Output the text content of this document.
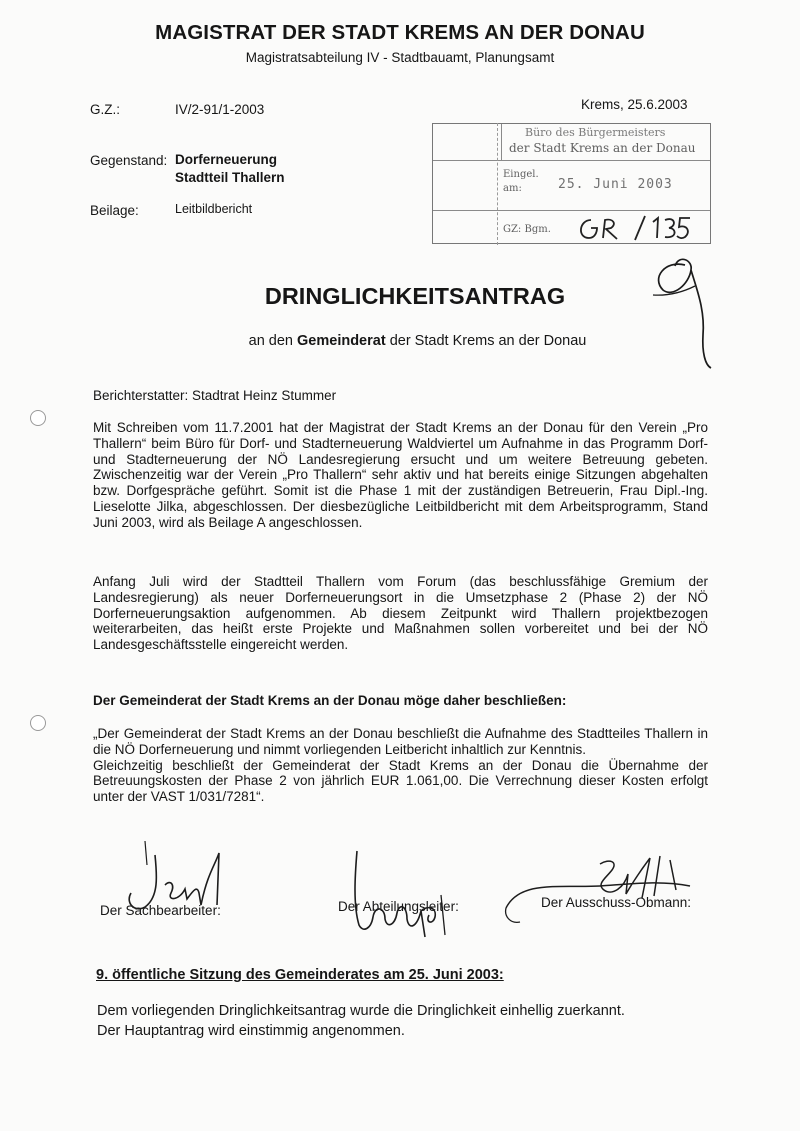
MAGISTRAT DER STADT KREMS AN DER DONAU
Magistratsabteilung IV - Stadtbauamt, Planungsamt
G.Z.:	IV/2-91/1-2003	Krems, 25.6.2003
Gegenstand: Dorferneuerung
Stadtteil Thallern
Beilage:	Leitbildbericht
Büro des Bürgermeisters
der Stadt Krems an der Donau
Eingel. am:	25. Juni 2003
GZ: Bgm.
DRINGLICHKEITSANTRAG
an den Gemeinderat der Stadt Krems an der Donau
Berichterstatter: Stadtrat Heinz Stummer

Mit Schreiben vom 11.7.2001 hat der Magistrat der Stadt Krems an der Donau für den Verein „Pro Thallern“ beim Büro für Dorf- und Stadterneuerung Waldviertel um Aufnahme in das Programm Dorf- und Stadterneuerung der NÖ Landesregierung ersucht und um weitere Betreuung gebeten. Zwischenzeitig war der Verein „Pro Thallern“ sehr aktiv und hat bereits einige Sitzungen abgehalten bzw. Dorfgespräche geführt. Somit ist die Phase 1 mit der zuständigen Betreuerin, Frau Dipl.-Ing. Lieselotte Jilka, abgeschlossen. Der diesbezügliche Leitbildbericht mit dem Arbeitsprogramm, Stand Juni 2003, wird als Beilage A angeschlossen.

Anfang Juli wird der Stadtteil Thallern vom Forum (das beschlussfähige Gremium der Landesregierung) als neuer Dorferneuerungsort in die Umsetzphase 2 (Phase 2) der NÖ Dorferneuerungsaktion aufgenommen. Ab diesem Zeitpunkt wird Thallern projektbezogen weiterarbeiten, das heißt erste Projekte und Maßnahmen sollen vorbereitet und bei der NÖ Landesgeschäftsstelle eingereicht werden.

Der Gemeinderat der Stadt Krems an der Donau möge daher beschließen:

„Der Gemeinderat der Stadt Krems an der Donau beschließt die Aufnahme des Stadtteiles Thallern in die NÖ Dorferneuerung und nimmt vorliegenden Leitbericht inhaltlich zur Kenntnis.

Gleichzeitig beschließt der Gemeinderat der Stadt Krems an der Donau die Übernahme der Betreuungskosten der Phase 2 von jährlich EUR 1.061,00. Die Verrechnung dieser Kosten erfolgt unter der VAST 1/031/7281“.

Der Sachbearbeiter:	Der Abteilungsleiter:	Der Ausschuss-Obmann:
9. öffentliche Sitzung des Gemeinderates am 25. Juni 2003:
Dem vorliegenden Dringlichkeitsantrag wurde die Dringlichkeit einhellig zuerkannt.
Der Hauptantrag wird einstimmig angenommen.
